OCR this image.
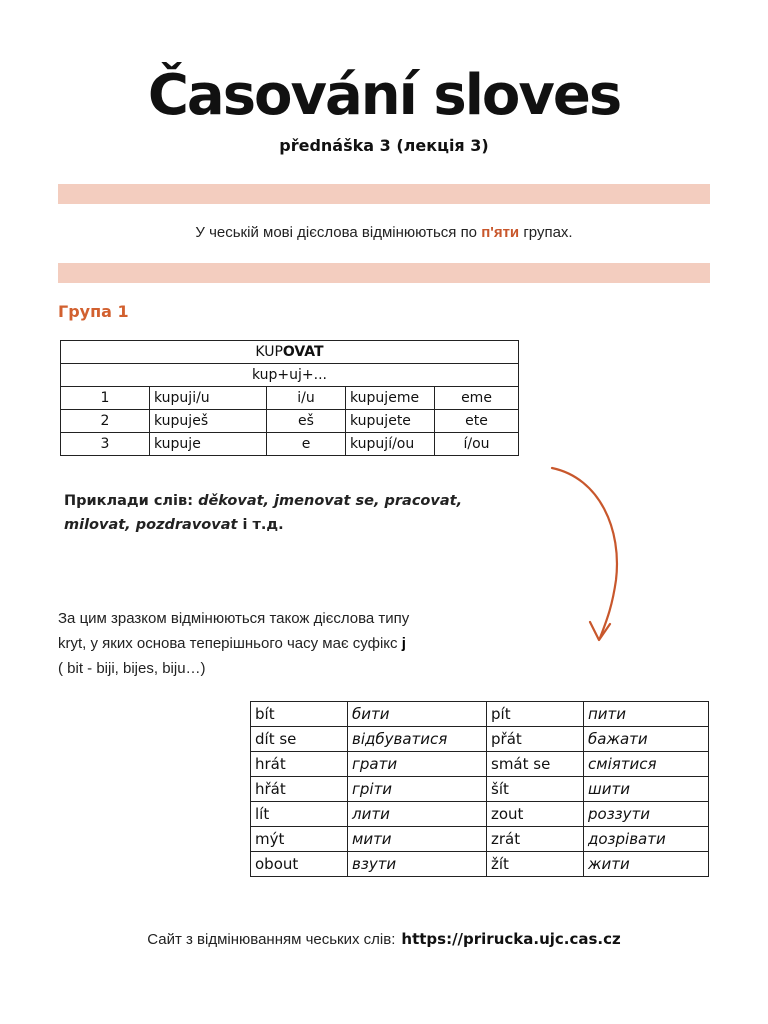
Časování sloves
přednáška 3 (лекція 3)
У чеській мові дієслова відмінюються по п'яти групах.
Група 1
KUPOVAT				
kup+uj+...				
1	kupuji/u	i/u	kupujeme	eme
2	kupuješ	eš	kupujete	ete
3	kupuje	e	kupují/ou	í/ou
Приклади слів: děkovat, jmenovat se, pracovat,
milovat, pozdravovat і т.д.
За цим зразком відмінюються також дієслова типу
kryt, у яких основа теперішнього часу має суфікс j
( bit - biji, bijes, biju…)
bít	бити	pít	пити
dít se	відбуватися	přát	бажати
hrát	грати	smát se	сміятися
hřát	гріти	šít	шити
lít	лити	zout	роззути
mýt	мити	zrát	дозрівати
obout	взути	žít	жити
Сайт з відмінюванням чеських слів: https://prirucka.ujc.cas.cz
